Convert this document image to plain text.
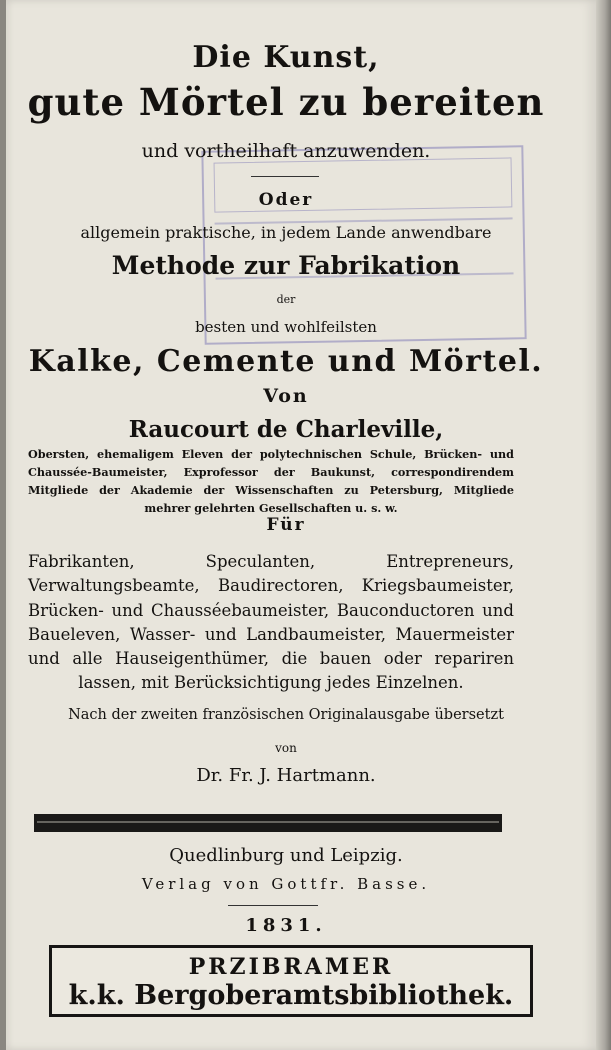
Die Kunst,
gute Mörtel zu bereiten
und vortheilhaft anzuwenden.
Oder
allgemein praktische, in jedem Lande anwendbare
Methode zur Fabrikation
der
besten und wohlfeilsten
Kalke, Cemente und Mörtel.
Von
Raucourt de Charleville,
Obersten, ehemaligem Eleven der polytechnischen Schule, Brücken- und Chaussée-Baumeister, Exprofessor der Baukunst, correspondirendem Mitgliede der Akademie der Wissenschaften zu Petersburg, Mitgliede mehrer gelehrten Gesellschaften u. s. w.
Für
Fabrikanten, Speculanten, Entrepreneurs, Verwaltungsbeamte, Baudirectoren, Kriegsbaumeister, Brücken- und Chausséebaumeister, Bauconductoren und Baueleven, Wasser- und Landbaumeister, Mauermeister und alle Hauseigenthümer, die bauen oder repariren lassen, mit Berücksichtigung jedes Einzelnen.
Nach der zweiten französischen Originalausgabe übersetzt
von
Dr. Fr. J. Hartmann.
Quedlinburg und Leipzig.
Verlag von Gottfr. Basse.
1831.
PRZIBRAMER
k.k. Bergoberamtsbibliothek.
